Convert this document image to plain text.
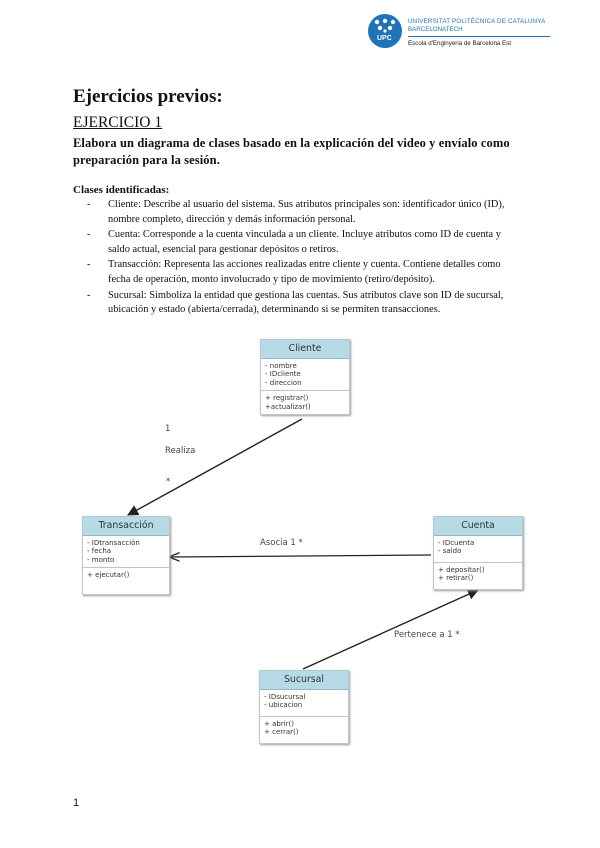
UPC
UNIVERSITAT POLITÈCNICA DE CATALUNYA
BARCELONATECH
Escola d'Enginyeria de Barcelona Est
Ejercicios previos:
EJERCICIO 1
Elabora un diagrama de clases basado en la explicación del video y envíalo como preparación para la sesión.
Clases identificadas:
- Cliente: Describe al usuario del sistema. Sus atributos principales son: identificador único (ID), nombre completo, dirección y demás información personal.
- Cuenta: Corresponde a la cuenta vinculada a un cliente. Incluye atributos como ID de cuenta y saldo actual, esencial para gestionar depósitos o retiros.
- Transacción: Representa las acciones realizadas entre cliente y cuenta. Contiene detalles como fecha de operación, monto involucrado y tipo de movimiento (retiro/depósito).
- Sucursal: Simboliza la entidad que gestiona las cuentas. Sus atributos clave son ID de sucursal, ubicación y estado (abierta/cerrada), determinando si se permiten transacciones.
1
Realiza
*
Asocia 1 *
Pertenece a 1 *
Cliente
- nombre
- IDcliente
- direccion
+ registrar()
+actualizar()
Transacción
- IDtransacción
- fecha
- monto
+ ejecutar()
Cuenta
- IDcuenta
- saldo
+ depositar()
+ retirar()
Sucursal
- IDsucursal
- ubicacion
+ abrir()
+ cerrar()
1
